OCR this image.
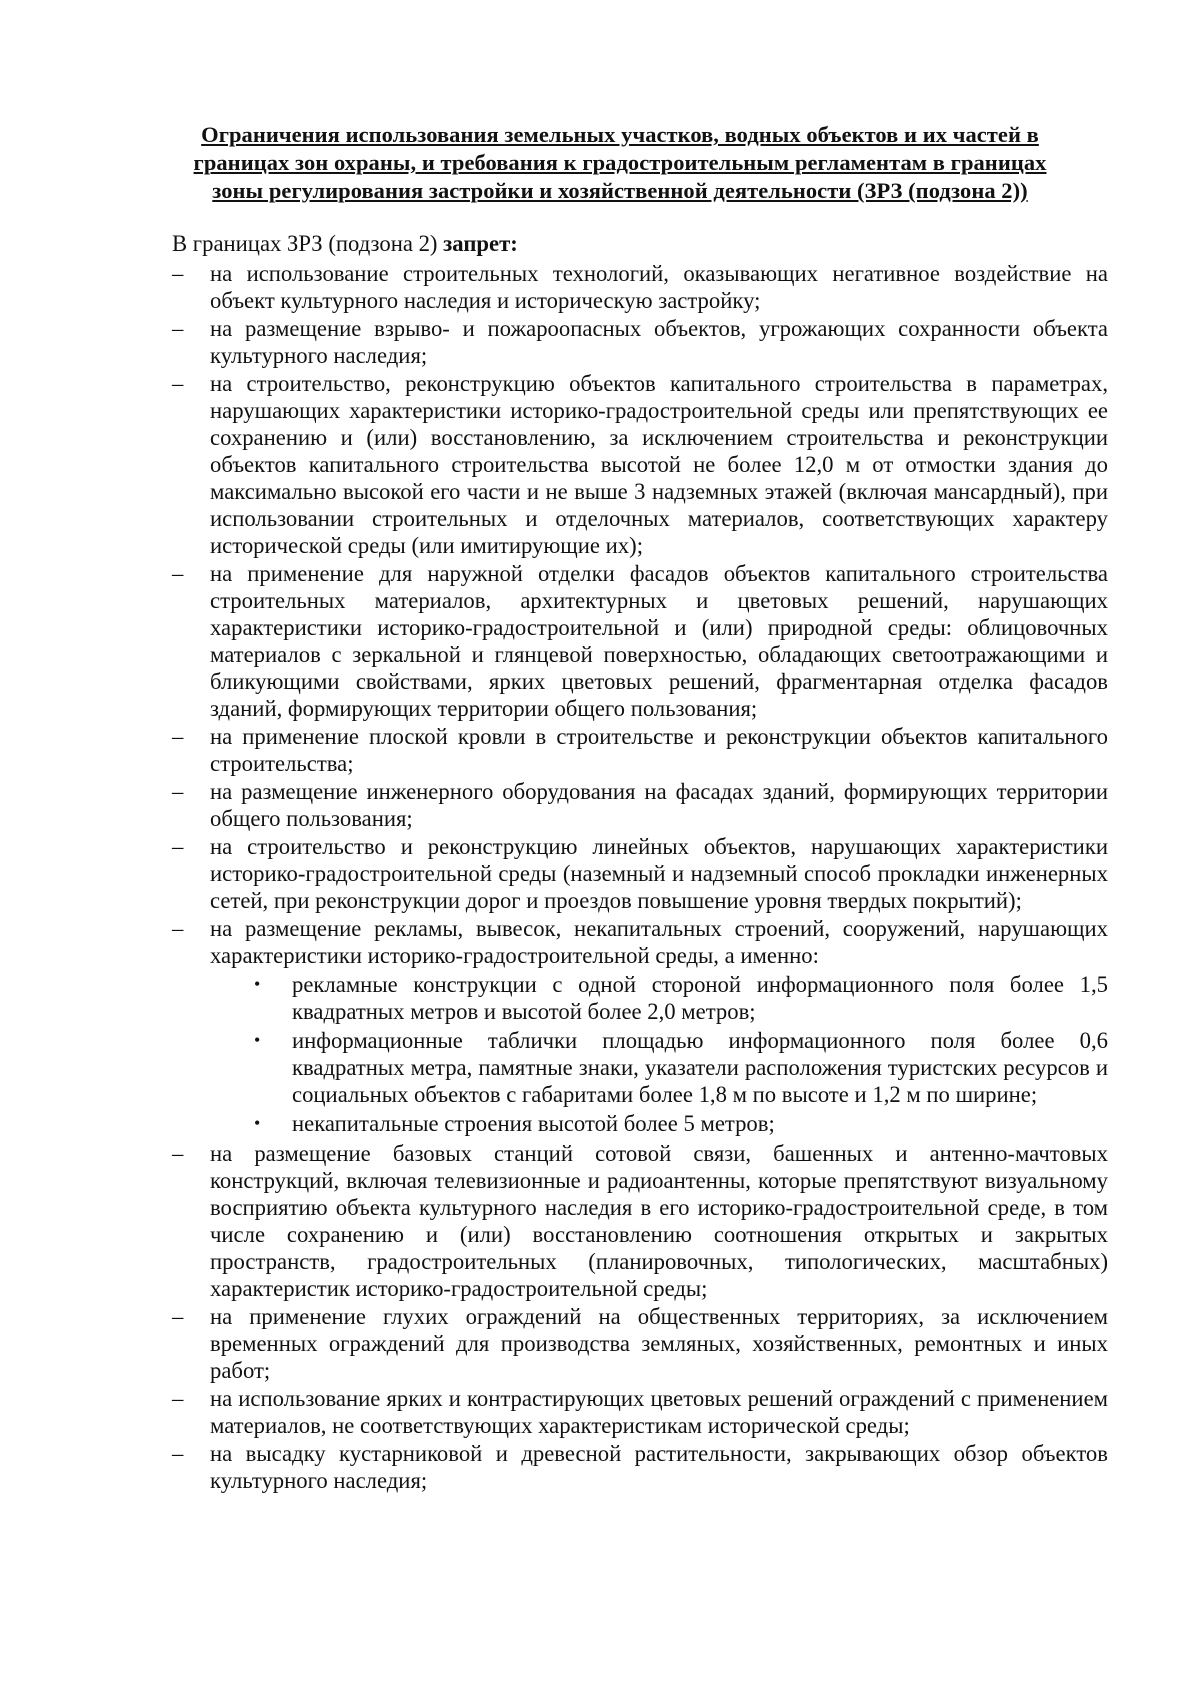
Ограничения использования земельных участков, водных объектов и их частей в
границах зон охраны, и требования к градостроительным регламентам в границах
зоны регулирования застройки и хозяйственной деятельности (ЗРЗ (подзона 2))

В границах ЗРЗ (подзона 2) запрет:

–	на использование строительных технологий, оказывающих негативное воздействие на объект культурного наследия и историческую застройку;
–	на размещение взрыво- и пожароопасных объектов, угрожающих сохранности объекта культурного наследия;
–	на строительство, реконструкцию объектов капитального строительства в параметрах, нарушающих характеристики историко-градостроительной среды или препятствующих ее сохранению и (или) восстановлению, за исключением строительства и реконструкции объектов капитального строительства высотой не более 12,0 м от отмостки здания до максимально высокой его части и не выше 3 надземных этажей (включая мансардный), при использовании строительных и отделочных материалов, соответствующих характеру исторической среды (или имитирующие их);
–	на применение для наружной отделки фасадов объектов капитального строительства строительных материалов, архитектурных и цветовых решений, нарушающих характеристики историко-градостроительной и (или) природной среды: облицовочных материалов с зеркальной и глянцевой поверхностью, обладающих светоотражающими и бликующими свойствами, ярких цветовых решений, фрагментарная отделка фасадов зданий, формирующих территории общего пользования;
–	на применение плоской кровли в строительстве и реконструкции объектов капитального строительства;
–	на размещение инженерного оборудования на фасадах зданий, формирующих территории общего пользования;
–	на строительство и реконструкцию линейных объектов, нарушающих характеристики историко-градостроительной среды (наземный и надземный способ прокладки инженерных сетей, при реконструкции дорог и проездов повышение уровня твердых покрытий);
–	на размещение рекламы, вывесок, некапитальных строений, сооружений, нарушающих характеристики историко-градостроительной среды, а именно:
•	рекламные конструкции с одной стороной информационного поля более 1,5 квадратных метров и высотой более 2,0 метров;
•	информационные таблички площадью информационного поля более 0,6 квадратных метра, памятные знаки, указатели расположения туристских ресурсов и социальных объектов с габаритами более 1,8 м по высоте и 1,2 м по ширине;
•	некапитальные строения высотой более 5 метров;
–	на размещение базовых станций сотовой связи, башенных и антенно-мачтовых конструкций, включая телевизионные и радиоантенны, которые препятствуют визуальному восприятию объекта культурного наследия в его историко-градостроительной среде, в том числе сохранению и (или) восстановлению соотношения открытых и закрытых пространств, градостроительных (планировочных, типологических, масштабных) характеристик историко-градостроительной среды;
–	на применение глухих ограждений на общественных территориях, за исключением временных ограждений для производства земляных, хозяйственных, ремонтных и иных работ;
–	на использование ярких и контрастирующих цветовых решений ограждений с применением материалов, не соответствующих характеристикам исторической среды;
–	на высадку кустарниковой и древесной растительности, закрывающих обзор объектов культурного наследия;
